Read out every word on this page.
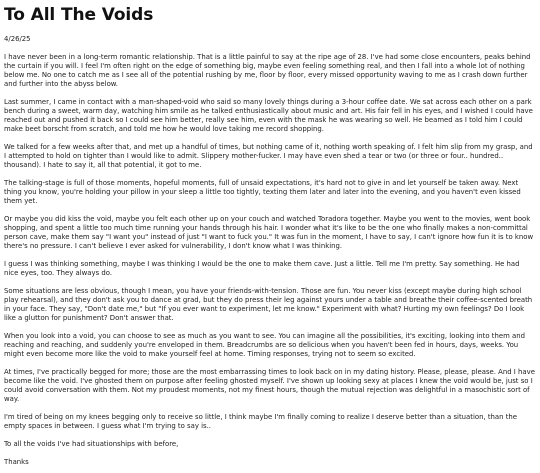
To All The Voids
4/26/25

I have never been in a long-term romantic relationship. That is a little painful to say at the ripe age of 28. I've had some close encounters, peaks behind the curtain if you will. I feel I'm often right on the edge of something big, maybe even feeling something real, and then I fall into a whole lot of nothing below me. No one to catch me as I see all of the potential rushing by me, floor by floor, every missed opportunity waving to me as I crash down further and further into the abyss below.

Last summer, I came in contact with a man-shaped-void who said so many lovely things during a 3-hour coffee date. We sat across each other on a park bench during a sweet, warm day, watching him smile as he talked enthusiastically about music and art. His fair fell in his eyes, and I wished I could have reached out and pushed it back so I could see him better, really see him, even with the mask he was wearing so well. He beamed as I told him I could make beet borscht from scratch, and told me how he would love taking me record shopping.

We talked for a few weeks after that, and met up a handful of times, but nothing came of it, nothing worth speaking of. I felt him slip from my grasp, and I attempted to hold on tighter than I would like to admit. Slippery mother-fucker. I may have even shed a tear or two (or three or four.. hundred.. thousand). I hate to say it, all that potential, it got to me.

The talking-stage is full of those moments, hopeful moments, full of unsaid expectations, it's hard not to give in and let yourself be taken away. Next thing you know, you're holding your pillow in your sleep a little too tightly, texting them later and later into the evening, and you haven't even kissed them yet.

Or maybe you did kiss the void, maybe you felt each other up on your couch and watched Toradora together. Maybe you went to the movies, went book shopping, and spent a little too much time running your hands through his hair. I wonder what it's like to be the one who finally makes a non-committal person cave, make them say "I want you" instead of just "I want to fuck you." It was fun in the moment, I have to say, I can't ignore how fun it is to know there's no pressure. I can't believe I ever asked for vulnerability, I don't know what I was thinking.

I guess I was thinking something, maybe I was thinking I would be the one to make them cave. Just a little. Tell me I'm pretty. Say something. He had nice eyes, too. They always do.

Some situations are less obvious, though I mean, you have your friends-with-tension. Those are fun. You never kiss (except maybe during high school play rehearsal), and they don't ask you to dance at grad, but they do press their leg against yours under a table and breathe their coffee-scented breath in your face. They say, "Don't date me," but "If you ever want to experiment, let me know." Experiment with what? Hurting my own feelings? Do I look like a glutton for punishment? Don't answer that.

When you look into a void, you can choose to see as much as you want to see. You can imagine all the possibilities, it's exciting, looking into them and reaching and reaching, and suddenly you're enveloped in them. Breadcrumbs are so delicious when you haven't been fed in hours, days, weeks. You might even become more like the void to make yourself feel at home. Timing responses, trying not to seem so excited.

At times, I've practically begged for more; those are the most embarrassing times to look back on in my dating history. Please, please, please. And I have become like the void. I've ghosted them on purpose after feeling ghosted myself. I've shown up looking sexy at places I knew the void would be, just so I could avoid conversation with them. Not my proudest moments, not my finest hours, though the mutual rejection was delightful in a masochistic sort of way.

I'm tired of being on my knees begging only to receive so little, I think maybe I'm finally coming to realize I deserve better than a situation, than the empty spaces in between. I guess what I'm trying to say is..

To all the voids I've had situationships with before,

Thanks
